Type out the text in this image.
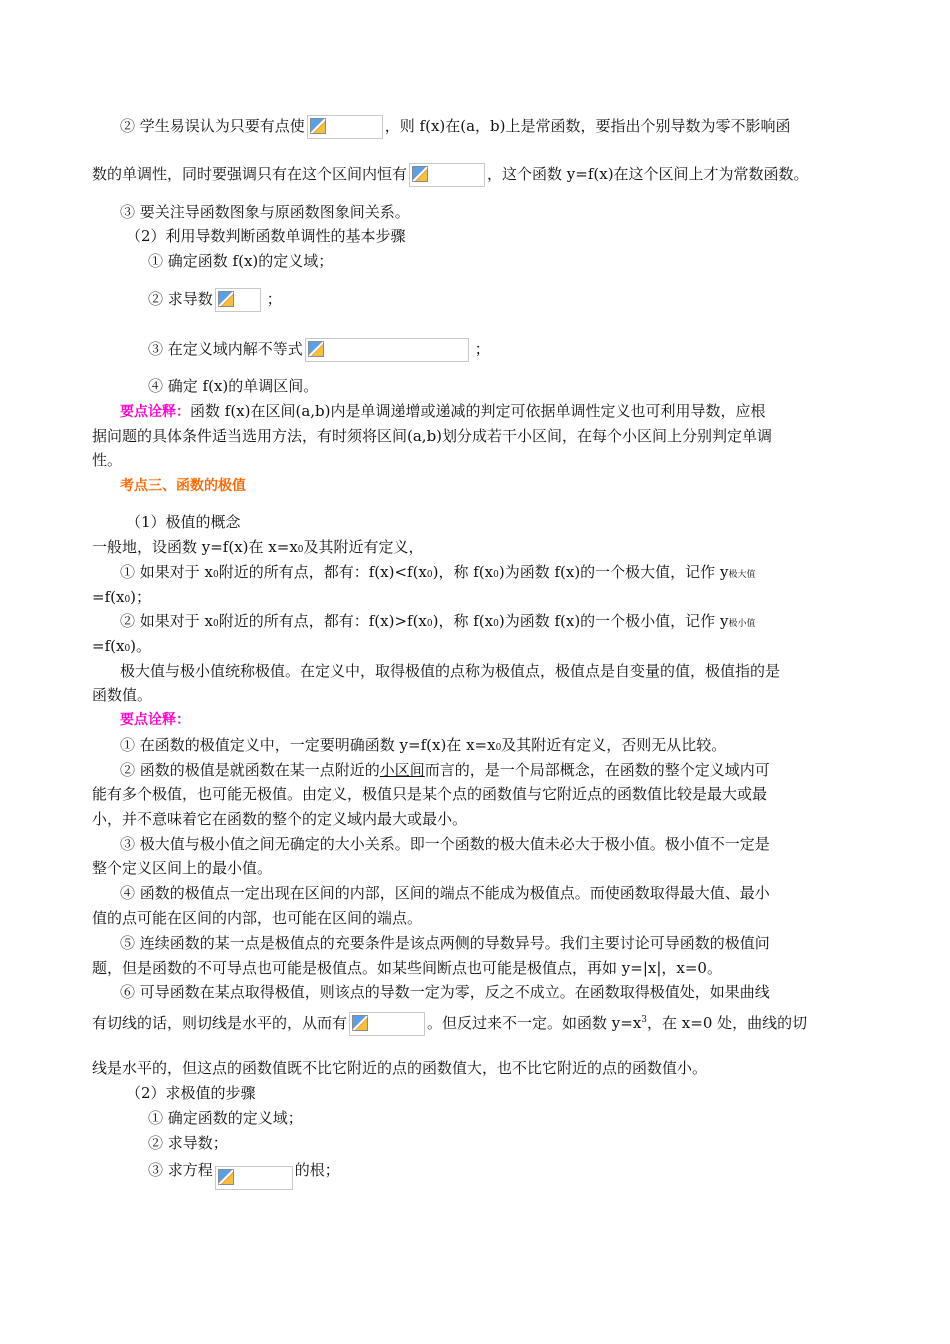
② 学生易误认为只要有点使	，则 f(x)在(a，b)上是常函数，要指出个别导数为零不影响函
数的单调性，同时要强调只有在这个区间内恒有	，这个函数 y=f(x)在这个区间上才为常数函数。
③ 要关注导函数图象与原函数图象间关系。
（2）利用导数判断函数单调性的基本步骤
① 确定函数 f(x)的定义域；
② 求导数	；
③ 在定义域内解不等式	；
④ 确定 f(x)的单调区间。
要点诠释：函数 f(x)在区间(a,b)内是单调递增或递减的判定可依据单调性定义也可利用导数，应根
据问题的具体条件适当选用方法，有时须将区间(a,b)划分成若干小区间，在每个小区间上分别判定单调
性。
考点三、函数的极值
（1）极值的概念
一般地，设函数 y=f(x)在 x=x0及其附近有定义，
① 如果对于 x0附近的所有点，都有：f(x)<f(x0)，称 f(x0)为函数 f(x)的一个极大值，记作 y极大值
=f(x0)；
② 如果对于 x0附近的所有点，都有：f(x)>f(x0)，称 f(x0)为函数 f(x)的一个极小值，记作 y极小值
=f(x0)。
极大值与极小值统称极值。在定义中，取得极值的点称为极值点，极值点是自变量的值，极值指的是
函数值。
要点诠释：
① 在函数的极值定义中，一定要明确函数 y=f(x)在 x=x0及其附近有定义，否则无从比较。
② 函数的极值是就函数在某一点附近的小区间而言的，是一个局部概念，在函数的整个定义域内可
能有多个极值，也可能无极值。由定义，极值只是某个点的函数值与它附近点的函数值比较是最大或最
小，并不意味着它在函数的整个的定义域内最大或最小。
③ 极大值与极小值之间无确定的大小关系。即一个函数的极大值未必大于极小值。极小值不一定是
整个定义区间上的最小值。
④ 函数的极值点一定出现在区间的内部，区间的端点不能成为极值点。而使函数取得最大值、最小
值的点可能在区间的内部，也可能在区间的端点。
⑤ 连续函数的某一点是极值点的充要条件是该点两侧的导数异号。我们主要讨论可导函数的极值问
题，但是函数的不可导点也可能是极值点。如某些间断点也可能是极值点，再如 y=|x|，x=0。
⑥ 可导函数在某点取得极值，则该点的导数一定为零，反之不成立。在函数取得极值处，如果曲线
有切线的话，则切线是水平的，从而有	。但反过来不一定。如函数 $y=x^3$，在 x=0 处，曲线的切
线是水平的，但这点的函数值既不比它附近的点的函数值大，也不比它附近的点的函数值小。
（2）求极值的步骤
① 确定函数的定义域；
② 求导数；
③ 求方程	的根；
